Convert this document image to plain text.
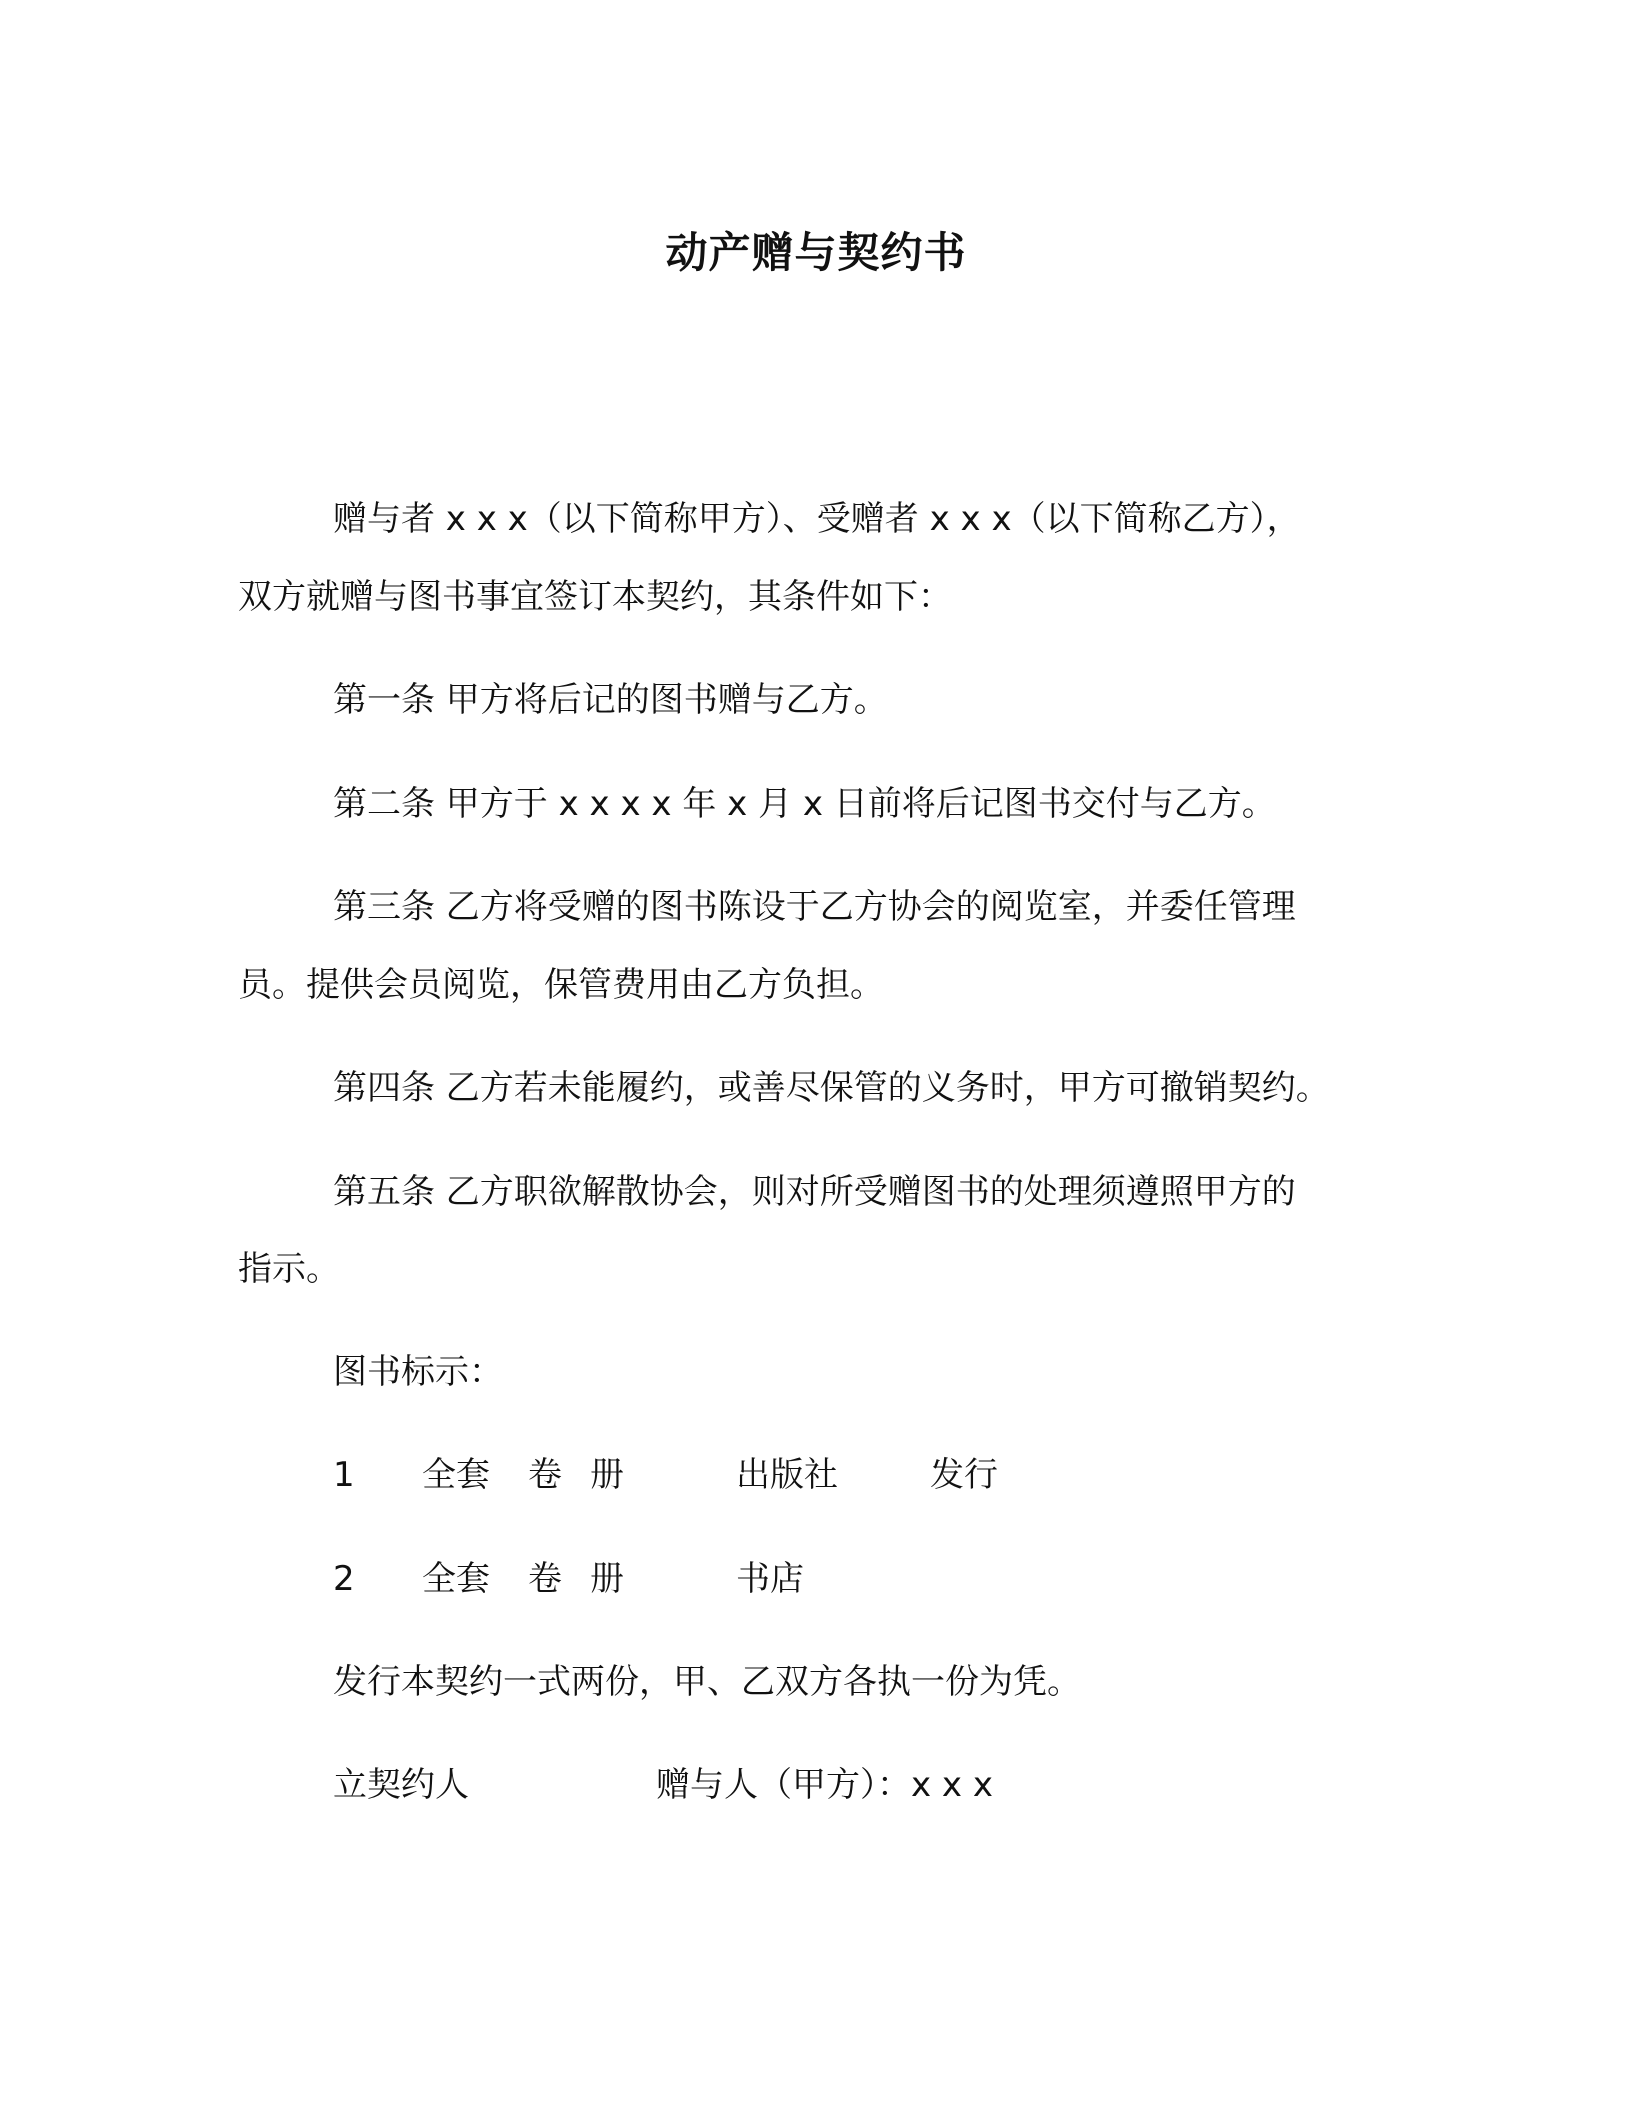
动产赠与契约书
赠与者 x x x（以下简称甲方）、受赠者 x x x（以下简称乙方），
双方就赠与图书事宜签订本契约，其条件如下：
第一条 甲方将后记的图书赠与乙方。
第二条 甲方于 x x x x 年 x 月 x 日前将后记图书交付与乙方。
第三条 乙方将受赠的图书陈设于乙方协会的阅览室，并委任管理
员。提供会员阅览，保管费用由乙方负担。
第四条 乙方若未能履约，或善尽保管的义务时，甲方可撤销契约。
第五条 乙方职欲解散协会，则对所受赠图书的处理须遵照甲方的
指示。
图书标示：
1 全套 卷 册	出版社	发行
2 全套 卷 册	书店
发行本契约一式两份，甲、乙双方各执一份为凭。
立契约人	赠与人（甲方）：x x x
